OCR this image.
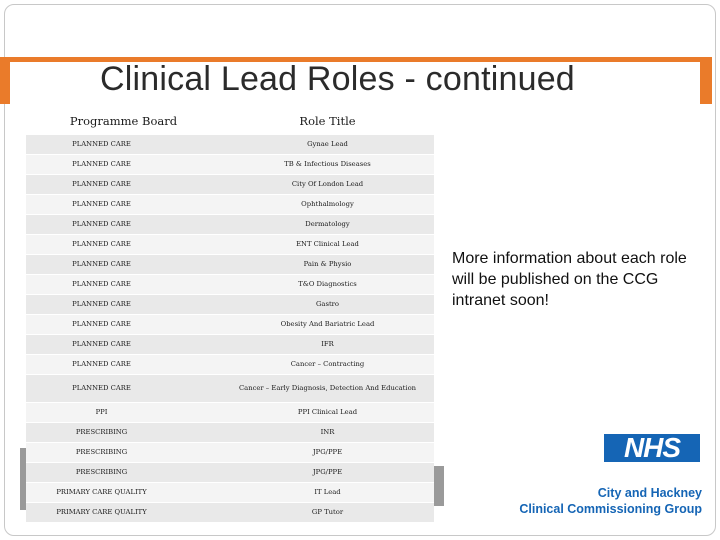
Clinical Lead Roles - continued
Programme Board	Role Title
PLANNED CARE	Gynae Lead
PLANNED CARE	TB & Infectious Diseases
PLANNED CARE	City Of London Lead
PLANNED CARE	Ophthalmology
PLANNED CARE	Dermatology
PLANNED CARE	ENT Clinical Lead
PLANNED CARE	Pain & Physio
PLANNED CARE	T&O Diagnostics
PLANNED CARE	Gastro
PLANNED CARE	Obesity And Bariatric Lead
PLANNED CARE	IFR
PLANNED CARE	Cancer – Contracting
PLANNED CARE	Cancer – Early Diagnosis, Detection And Education
PPI	PPI Clinical Lead
PRESCRIBING	INR
PRESCRIBING	JPG/PPE
PRESCRIBING	JPG/PPE
PRIMARY CARE QUALITY	IT Lead
PRIMARY CARE QUALITY	GP Tutor
More information about each role will be published on the CCG intranet soon!
NHS
City and Hackney
Clinical Commissioning Group
